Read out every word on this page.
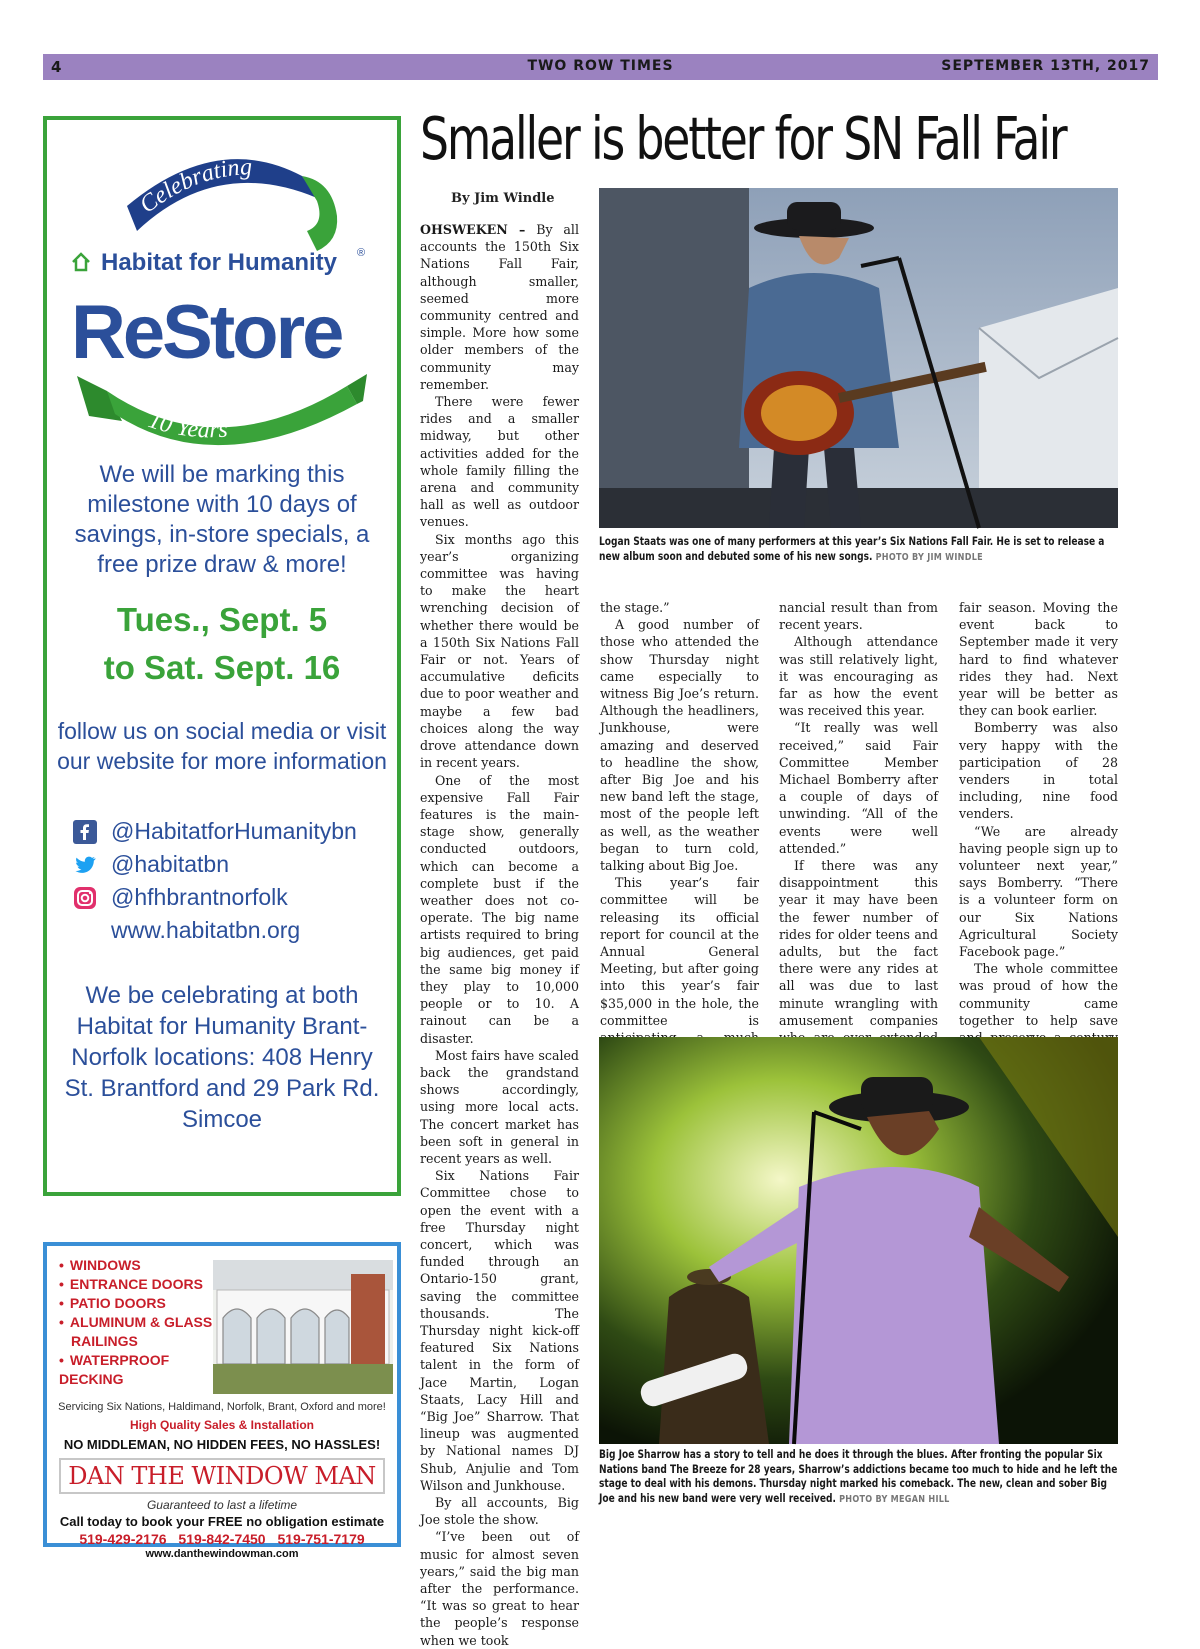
4	TWO ROW TIMES	SEPTEMBER 13TH, 2017
Celebrating
Habitat for Humanity ®
ReStore
10 Years
We will be marking this milestone with 10 days of savings, in-store specials, a free prize draw & more!
Tues., Sept. 5
to Sat. Sept. 16
follow us on social media or visit our website for more information
@HabitatforHumanitybn
@habitatbn
@hfhbrantnorfolk
www.habitatbn.org
We be celebrating at both Habitat for Humanity Brant-Norfolk locations: 408 Henry St. Brantford and 29 Park Rd. Simcoe
• WINDOWS
• ENTRANCE DOORS
• PATIO DOORS
• ALUMINUM & GLASS
RAILINGS
• WATERPROOF DECKING
Servicing Six Nations, Haldimand, Norfolk, Brant, Oxford and more!
High Quality Sales & Installation
NO MIDDLEMAN, NO HIDDEN FEES, NO HASSLES!
DAN THE WINDOW MAN
Guaranteed to last a lifetime
Call today to book your FREE no obligation estimate
519-429-2176 519-842-7450 519-751-7179
www.danthewindowman.com
Smaller is better for SN Fall Fair
By Jim Windle

OHSWEKEN – By all accounts the 150th Six Nations Fall Fair, although smaller, seemed more community centred and simple. More how some older members of the community may remember.

There were fewer rides and a smaller midway, but other activities added for the whole family filling the arena and community hall as well as outdoor venues.

Six months ago this year’s organizing committee was having to make the heart wrenching decision of whether there would be a 150th Six Nations Fall Fair or not. Years of accumulative deficits due to poor weather and maybe a few bad choices along the way drove attendance down in recent years.

One of the most expensive Fall Fair features is the main-stage show, generally conducted outdoors, which can become a complete bust if the weather does not co-operate. The big name artists required to bring big audiences, get paid the same big money if they play to 10,000 people or to 10. A rainout can be a disaster.

Most fairs have scaled back the grandstand shows accordingly, using more local acts. The concert market has been soft in general in recent years as well.

Six Nations Fair Committee chose to open the event with a free Thursday night concert, which was funded through an Ontario-150 grant, saving the committee thousands. The Thursday night kick-off featured Six Nations talent in the form of Jace Martin, Logan Staats, Lacy Hill and “Big Joe” Sharrow. That lineup was augmented by National names DJ Shub, Anjulie and Tom Wilson and Junkhouse.

By all accounts, Big Joe stole the show.

“I’ve been out of music for almost seven years,” said the big man after the performance. “It was so great to hear the people’s response when we took

the stage.”

A good number of those who attended the show Thursday night came especially to witness Big Joe’s return. Although the headliners, Junkhouse, were amazing and deserved to headline the show, after Big Joe and his new band left the stage, most of the people left as well, as the weather began to turn cold, talking about Big Joe.

This year’s fair committee will be releasing its official report for council at the Annual General Meeting, but after going into this year’s fair $35,000 in the hole, the committee is

nancial result than from recent years.

Although attendance was still relatively light, it was encouraging as far as how the event was received this year.

“It really was well received,” said Fair Committee Member Michael Bomberry after a couple of days of unwinding. “All of the events were well attended.”

If there was any disappointment this year it may have been the fewer number of rides for older teens and adults, but the fact there were any rides at all was due to last minute wrangling with amusement companies

fair season. Moving the event back to September made it very hard to find whatever rides they had. Next year will be better as they can book earlier.

Bomberry was also very happy with the participation of 28 venders in total including, nine food venders.

“We are already having people sign up to volunteer next year,” says Bomberry. “There is a volunteer form on our Six Nations Agricultural Society Facebook page.”

The whole committee was proud of how the community came together to help save

Logan Staats was one of many performers at this year’s Six Nations Fall Fair. He is set to release a new album soon and debuted some of his new songs. PHOTO BY JIM WINDLE
Big Joe Sharrow has a story to tell and he does it through the blues. After fronting the popular Six Nations band The Breeze for 28 years, Sharrow’s addictions became too much to hide and he left the stage to deal with his demons. Thursday night marked his comeback. The new, clean and sober Big Joe and his new band were very well received. PHOTO BY MEGAN HILL
